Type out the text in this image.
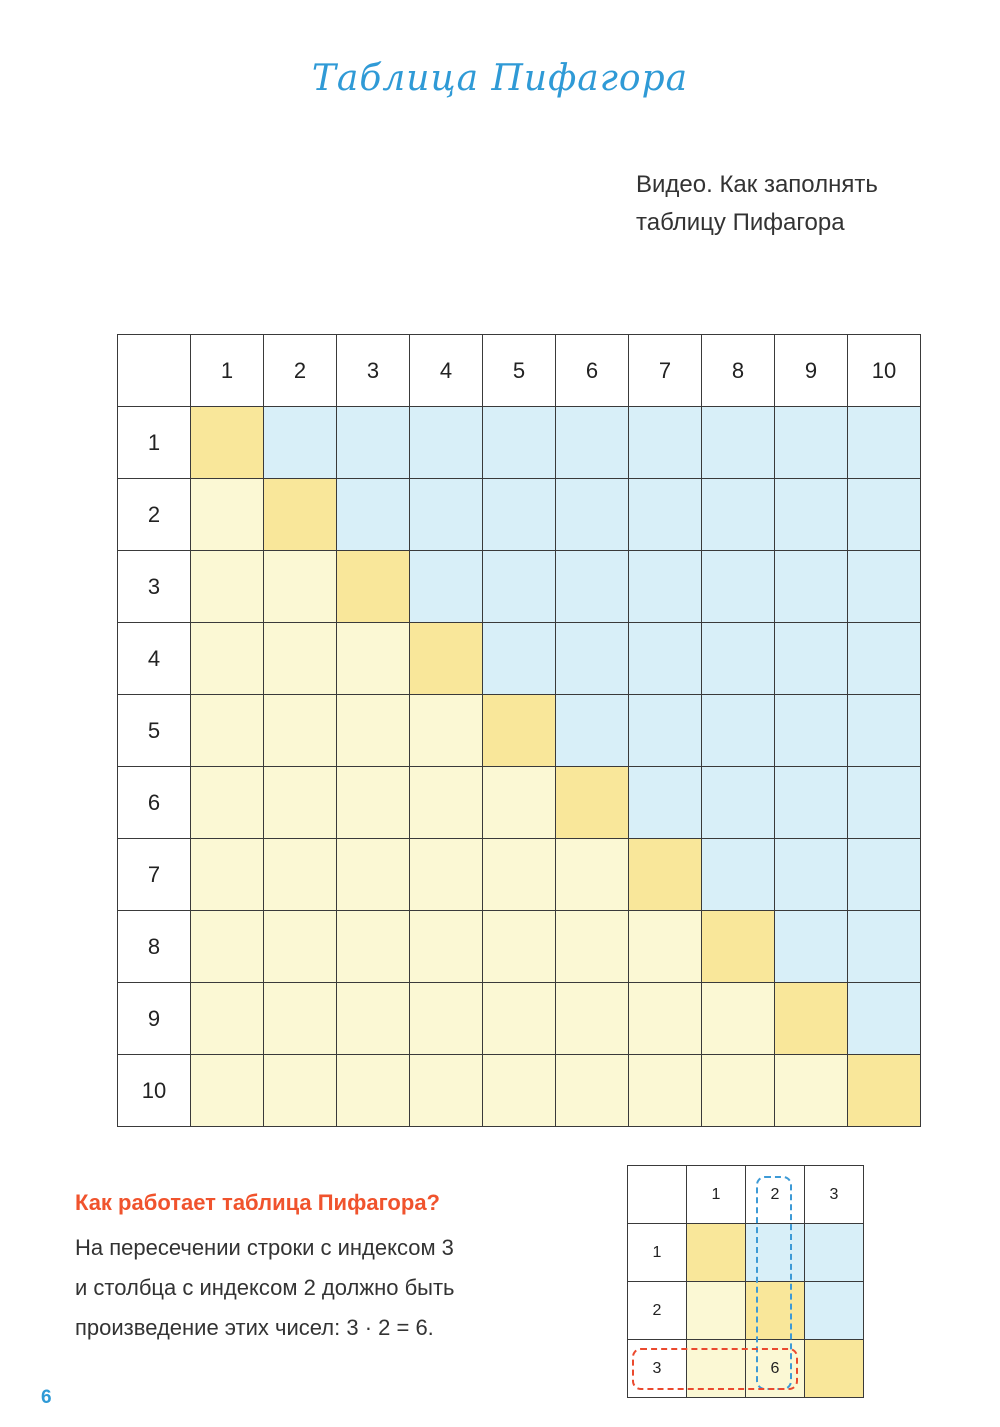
Таблица Пифагора
Видео. Как заполнять
таблицу Пифагора
	1	2	3	4	5	6	7	8	9	10
1										
2										
3										
4										
5										
6										
7										
8										
9										
10										
Как работает таблица Пифагора?
На пересечении строки с индексом 3
и столбца с индексом 2 должно быть
произведение этих чисел: 3 · 2 = 6.
	1	2	3
1			
2			
3		6	
6
